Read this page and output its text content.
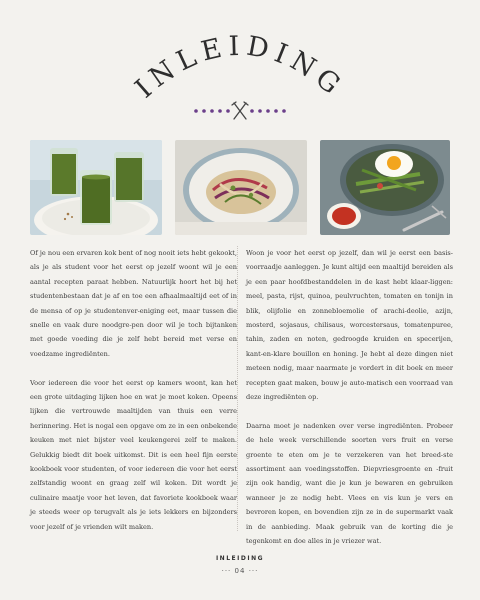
INLEIDING

Of je nou een ervaren kok bent of nog nooit iets hebt gekookt, als je als student voor het eerst op jezelf woont wil je een aantal recepten paraat hebben. Natuurlijk hoort het bij het studentenbestaan dat je af en toe een afhaalmaaltijd eet of in de mensa of op je studentenver-eniging eet, maar tussen die snelle en vaak dure noodgre-pen door wil je toch bijtanken met goede voeding die je zelf hebt bereid met verse en voedzame ingrediënten.

Voor iedereen die voor het eerst op kamers woont, kan het een grote uitdaging lijken hoe en wat je moet koken. Opeens lijken die vertrouwde maaltijden van thuis een verre herinnering. Het is nogal een opgave om ze in een onbekende keuken met niet bijster veel keukengerei zelf te maken. Gelukkig biedt dit boek uitkomst. Dit is een heel fijn eerste kookboek voor studenten, of voor iedereen die voor het eerst zelfstandig woont en graag zelf wil koken. Dit wordt je culinaire maatje voor het leven, dat favoriete kookboek waar je steeds weer op terugvalt als je iets lekkers en bijzonders voor jezelf of je vrienden wilt maken.

Woon je voor het eerst op jezelf, dan wil je eerst een basis-voorraadje aanleggen. Je kunt altijd een maaltijd bereiden als je een paar hoofdbestanddelen in de kast hebt klaar-liggen: meel, pasta, rijst, quinoa, peulvruchten, tomaten en tonijn in blik, olijfolie en zonnebloemolie of arachi-deolie, azijn, mosterd, sojasaus, chilisaus, worcestersaus, tomatenpuree, tahin, zaden en noten, gedroogde kruiden en specerijen, kant-en-klare bouillon en honing. Je hebt al deze dingen niet meteen nodig, maar naarmate je vordert in dit boek en meer recepten gaat maken, bouw je auto-matisch een voorraad van deze ingrediënten op.

Daarna moet je nadenken over verse ingrediënten. Probeer de hele week verschillende soorten vers fruit en verse groente te eten om je te verzekeren van het breed-ste assortiment aan voedingsstoffen. Diepvriesgroente en -fruit zijn ook handig, want die je kun je bewaren en gebruiken wanneer je ze nodig hebt. Vlees en vis kun je vers en bevroren kopen, en bovendien zijn ze in de supermarkt vaak in de aanbieding. Maak gebruik van de korting die je tegenkomt en doe alles in je vriezer wat.

INLEIDING
··· 04 ···
